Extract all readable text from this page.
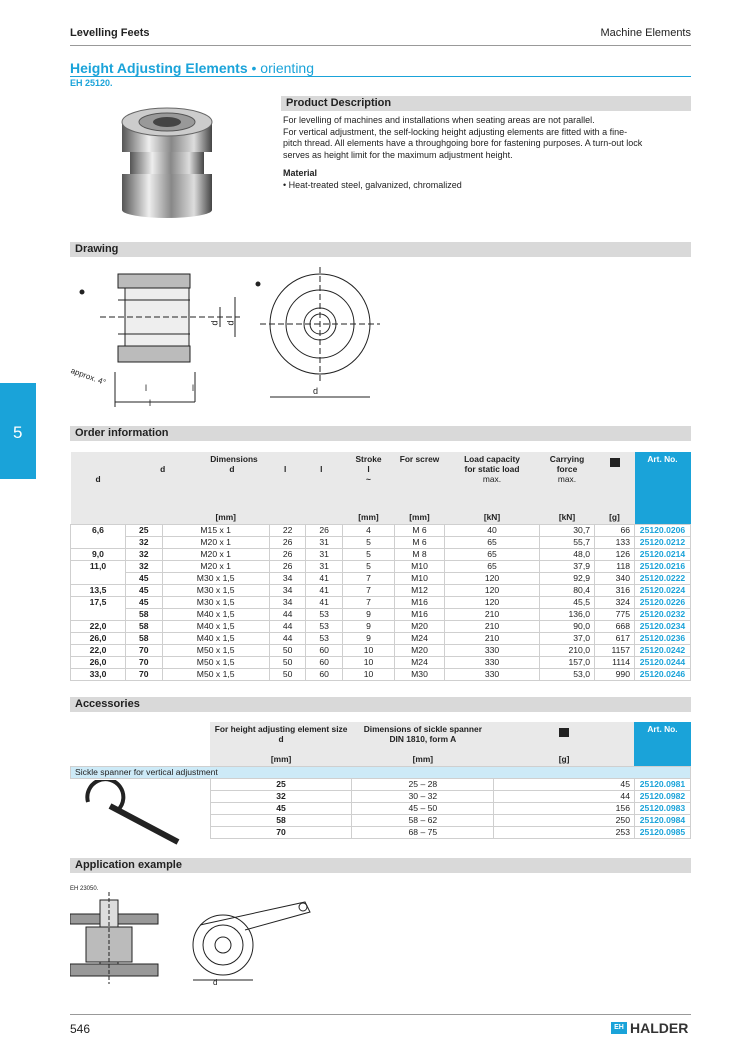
Levelling Feets	Machine Elements
Height Adjusting Elements • orienting
EH 25120.
Product Description

For levelling of machines and installations when seating areas are not parallel.

For vertical adjustment, the self-locking height adjusting elements are fitted with a fine-

pitch thread. All elements have a throughgoing bore for fastening purposes. A turn-out lock

serves as height limit for the maximum adjustment height.

Material

• Heat-treated steel, galvanized, chromalized

Drawing
d d
l	l
l
d
approx. 4°
5	Order information

d	Dimensions
d d l l				Stroke
l
~	For screw	Load capacity
for static load
max.	Carrying
force
max.		Art. No.
	[mm]				[mm]	[mm]	[kN]	[kN]	[g]	
6,6	25	M15 x 1	22	26	4	M 6	40	30,7	66	25120.0206
	32	M20 x 1	26	31	5	M 6	65	55,7	133	25120.0212
9,0	32	M20 x 1	26	31	5	M 8	65	48,0	126	25120.0214
11,0	32	M20 x 1	26	31	5	M10	65	37,9	118	25120.0216
	45	M30 x 1,5	34	41	7	M10	120	92,9	340	25120.0222
13,5	45	M30 x 1,5	34	41	7	M12	120	80,4	316	25120.0224
17,5	45	M30 x 1,5	34	41	7	M16	120	45,5	324	25120.0226
	58	M40 x 1,5	44	53	9	M16	210	136,0	775	25120.0232
22,0	58	M40 x 1,5	44	53	9	M20	210	90,0	668	25120.0234
26,0	58	M40 x 1,5	44	53	9	M24	210	37,0	617	25120.0236
22,0	70	M50 x 1,5	50	60	10	M20	330	210,0	1157	25120.0242
26,0	70	M50 x 1,5	50	60	10	M24	330	157,0	1114	25120.0244
33,0	70	M50 x 1,5	50	60	10	M30	330	53,0	990	25120.0246
Accessories
	For height adjusting element size
d	Dimensions of sickle spanner
DIN 1810, form A		Art. No.
	[mm]	[mm]	[g]	
Sickle spanner for vertical adjustment				
	25	25 – 28	45	25120.0981
	32	30 – 32	44	25120.0982
	45	45 – 50	156	25120.0983
	58	58 – 62	250	25120.0984
	70	68 – 75	253	25120.0985
Application example
EH 23050.
d
546	EH HALDER
